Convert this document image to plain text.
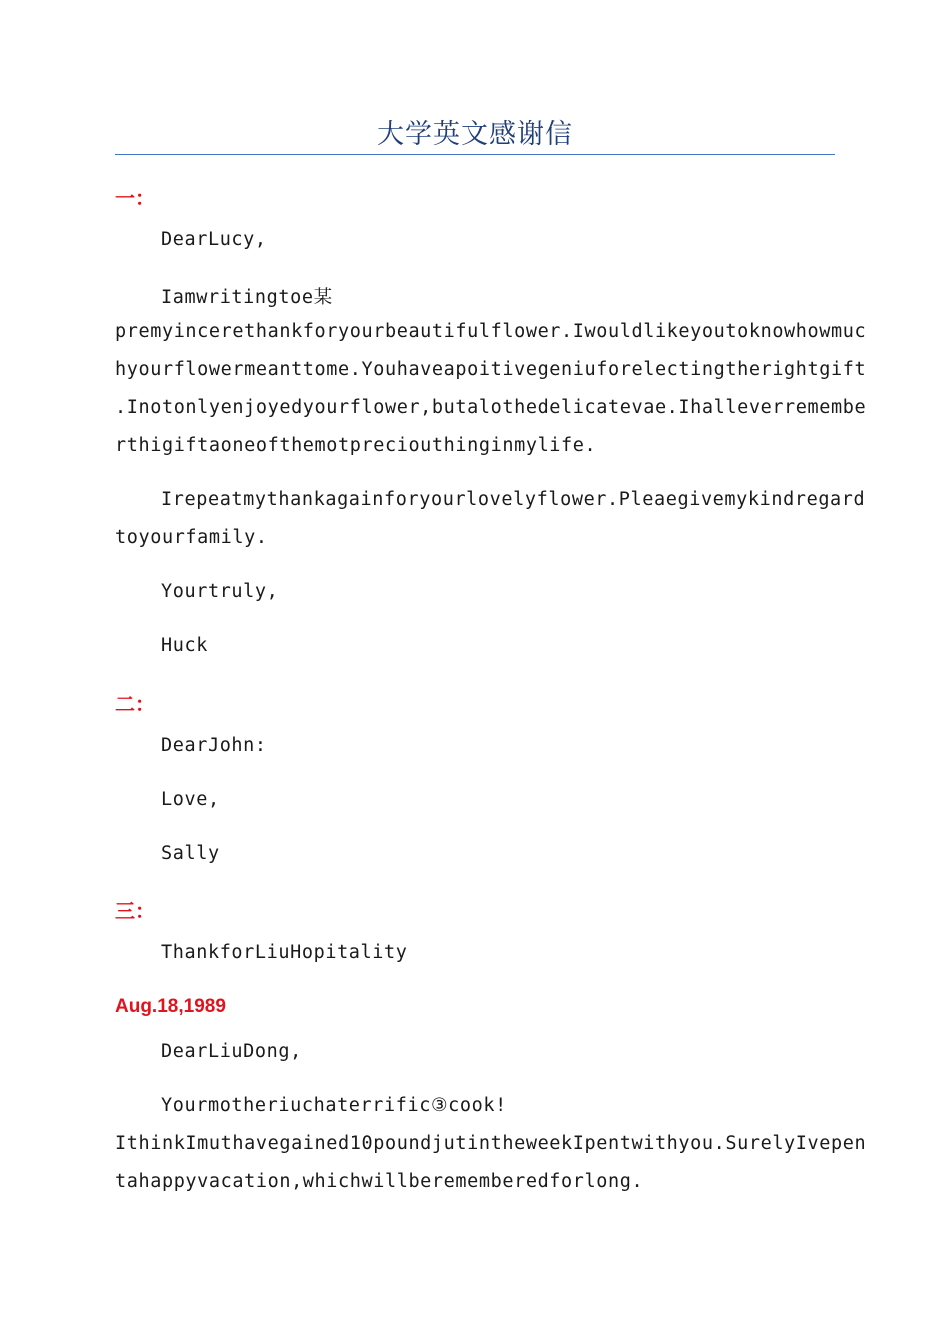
大学英文感谢信
一：
DearLucy,
Iamwritingtoe某
premyincerethankforyourbeautifulflower.Iwouldlikeyoutoknowhowmuc
hyourflowermeanttome.Youhaveapoitivegeniuforelectingtherightgift
.Inotonlyenjoyedyourflower,butalothedelicatevae.Ihalleverremembe
rthigiftaoneofthemotpreciouthinginmylife.
Irepeatmythankagainforyourlovelyflower.Pleaegivemykindregard
toyourfamily.
Yourtruly,
Huck
二：
DearJohn:
Love,
Sally
三：
ThankforLiuHopitality
Aug.18,1989
DearLiuDong,
Yourmotheriuchaterrific③cook!
IthinkImuthavegained10poundjutintheweekIpentwithyou.SurelyIvepen
tahappyvacation,whichwillberememberedforlong.
